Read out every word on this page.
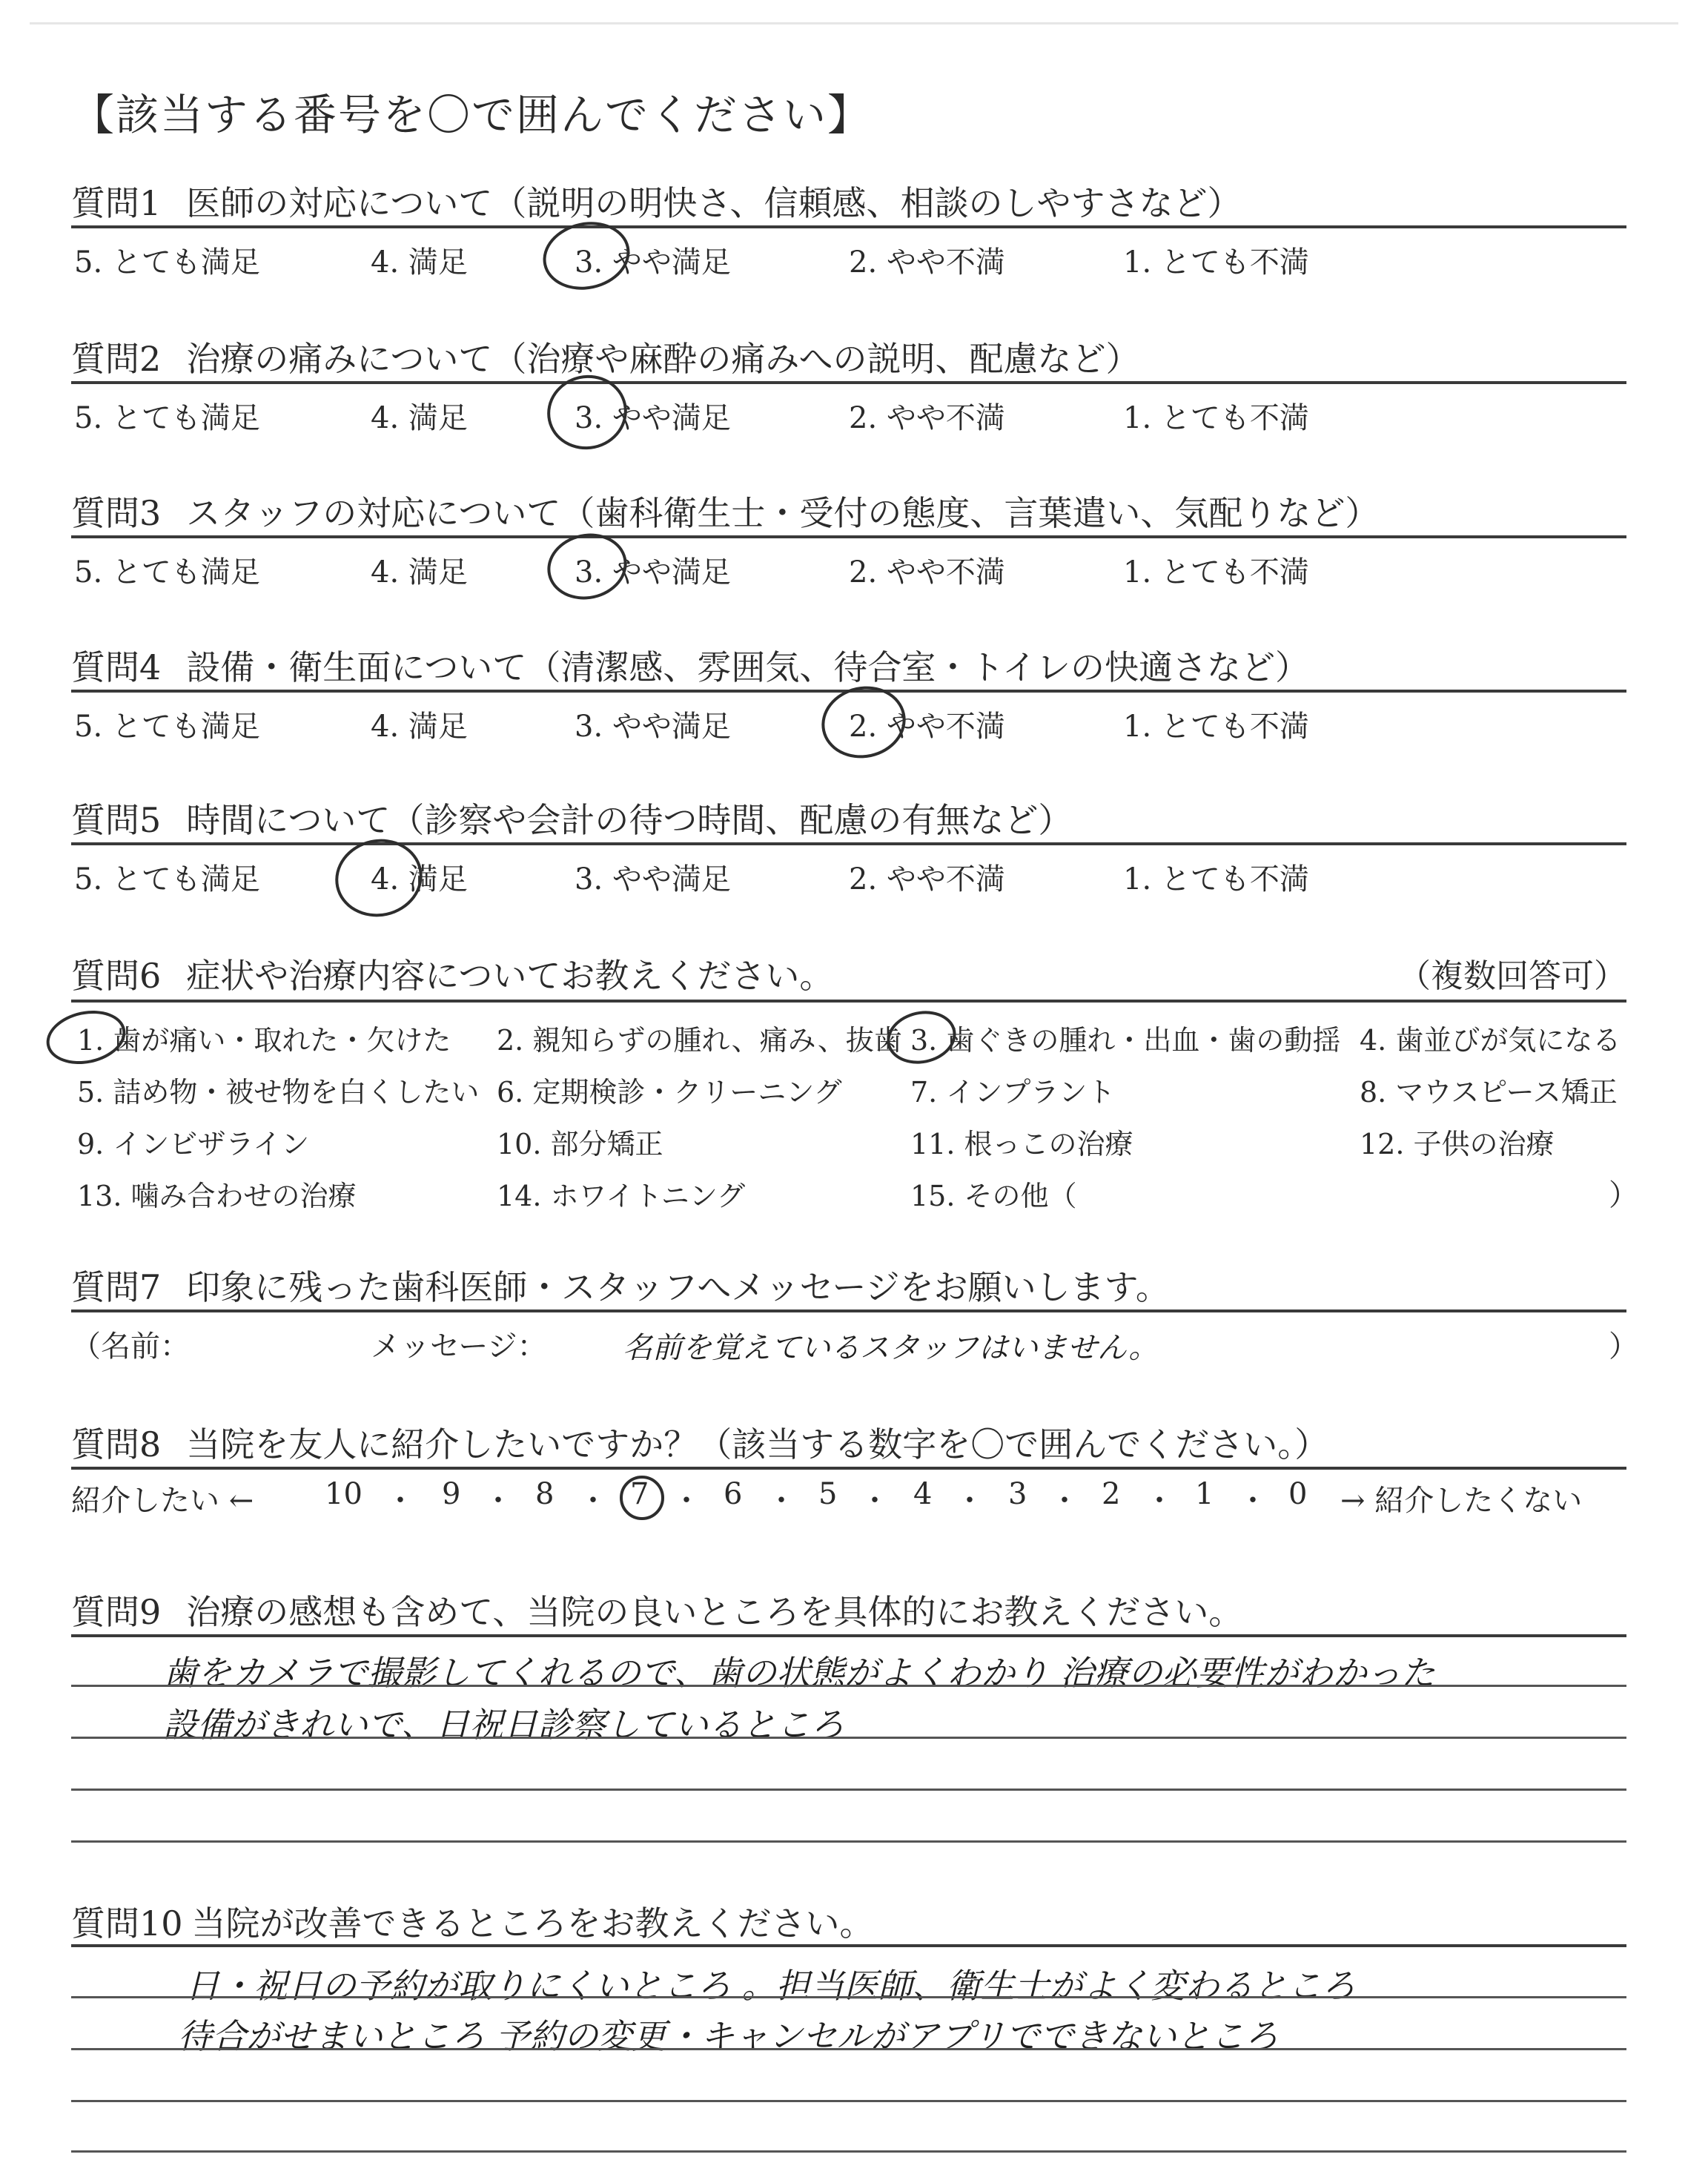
【該当する番号を〇で囲んでください】
質問1 医師の対応について（説明の明快さ、信頼感、相談のしやすさなど）
5. とても満足	4. 満足	3. やや満足	2. やや不満	1. とても不満
質問2 治療の痛みについて（治療や麻酔の痛みへの説明、配慮など）
5. とても満足	4. 満足	3. やや満足	2. やや不満	1. とても不満
質問3 スタッフの対応について（歯科衛生士・受付の態度、言葉遣い、気配りなど）
5. とても満足	4. 満足	3. やや満足	2. やや不満	1. とても不満
質問4 設備・衛生面について（清潔感、雰囲気、待合室・トイレの快適さなど）
5. とても満足	4. 満足	3. やや満足	2. やや不満	1. とても不満
質問5 時間について（診察や会計の待つ時間、配慮の有無など）
5. とても満足	4. 満足	3. やや満足	2. やや不満	1. とても不満
質問6 症状や治療内容についてお教えください。	（複数回答可）
1. 歯が痛い・取れた・欠けた 2. 親知らずの腫れ、痛み、抜歯 3. 歯ぐきの腫れ・出血・歯の動揺 4. 歯並びが気になる
5. 詰め物・被せ物を白くしたい 6. 定期検診・クリーニング 7. インプラント	8. マウスピース矯正
9. インビザライン	10. 部分矯正	11. 根っこの治療	12. 子供の治療
13. 噛み合わせの治療	14. ホワイトニング	15. その他（	）
質問7 印象に残った歯科医師・スタッフへメッセージをお願いします。
（名前：	メッセージ：	名前を覚えているスタッフはいません。	）
質問8 当院を友人に紹介したいですか？（該当する数字を〇で囲んでください。）
紹介したい ←	→ 紹介したくない
10 ・ 9 ・ 8 ・ 7 ・ 6 ・ 5 ・ 4 ・ 3 ・ 2 ・ 1 ・ 0
質問9 治療の感想も含めて、当院の良いところを具体的にお教えください。
歯をカメラで撮影してくれるので、歯の状態がよくわかり 治療の必要性がわかった
設備がきれいで、日祝日診察しているところ
質問10 当院が改善できるところをお教えください。
日・祝日の予約が取りにくいところ 。担当医師、衛生士がよく変わるところ
待合がせまいところ 予約の変更・キャンセルがアプリでできないところ
